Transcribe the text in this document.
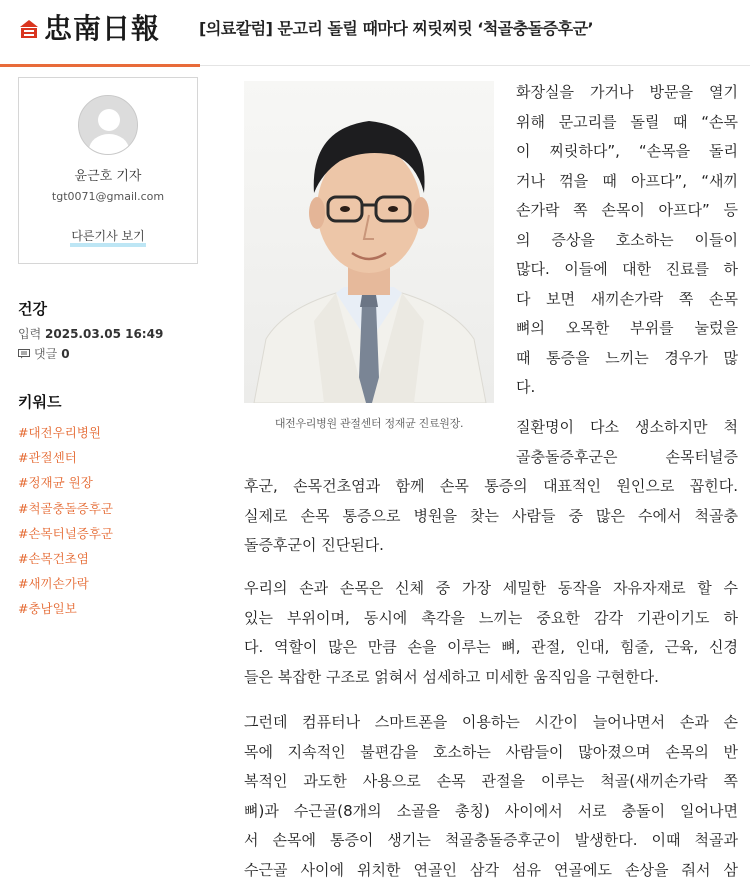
忠南日報 [의료칼럼] 문고리 돌릴 때마다 찌릿찌릿 ‘척골충돌증후군’
윤근호 기자
tgt0071@gmail.com
다른기사 보기
건강
입력 2025.03.05 16:49
댓글 0
키워드
#대전우리병원
#관절센터
#정재균 원장
#척골충돌증후군
#손목터널증후군
#손목건초염
#새끼손가락
#충남일보
대전우리병원 관절센터 정재균 진료원장.
화장실을 가거나 방문을 열기
위해 문고리를 돌릴 때 “손목
이 찌릿하다”, “손목을 돌리
거나 꺾을 때 아프다”, “새끼
손가락 쪽 손목이 아프다” 등
의 증상을 호소하는 이들이
많다. 이들에 대한 진료를 하
다 보면 새끼손가락 쪽 손목
뼈의 오목한 부위를 눌렀을
때 통증을 느끼는 경우가 많
다.
질환명이 다소 생소하지만 척
골충돌증후군은 손목터널증
후군, 손목건초염과 함께 손목 통증의 대표적인 원인으로 꼽힌다.
실제로 손목 통증으로 병원을 찾는 사람들 중 많은 수에서 척골충
돌증후군이 진단된다.
우리의 손과 손목은 신체 중 가장 세밀한 동작을 자유자재로 할 수
있는 부위이며, 동시에 촉각을 느끼는 중요한 감각 기관이기도 하
다. 역할이 많은 만큼 손을 이루는 뼈, 관절, 인대, 힘줄, 근육, 신경
들은 복잡한 구조로 얽혀서 섬세하고 미세한 움직임을 구현한다.
그런데 컴퓨터나 스마트폰을 이용하는 시간이 늘어나면서 손과 손
목에 지속적인 불편감을 호소하는 사람들이 많아졌으며 손목의 반
복적인 과도한 사용으로 손목 관절을 이루는 척골(새끼손가락 쪽
뼈)과 수근골(8개의 소골을 총칭) 사이에서 서로 충돌이 일어나면
서 손목에 통증이 생기는 척골충돌증후군이 발생한다. 이때 척골과
수근골 사이에 위치한 연골인 삼각 섬유 연골에도 손상을 줘서 삼
